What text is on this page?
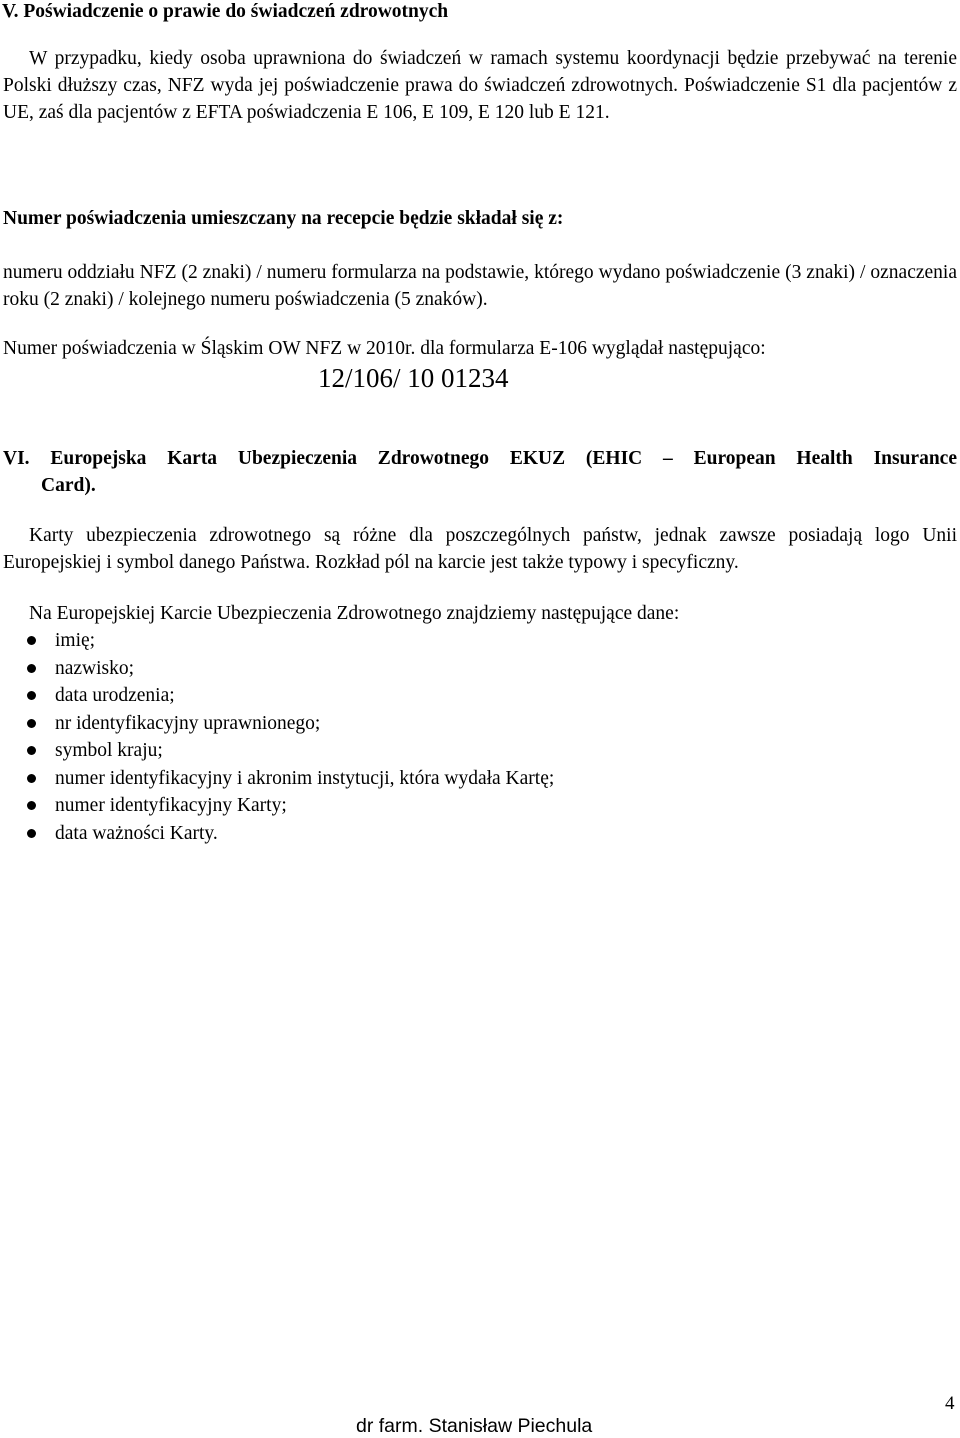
V. Poświadczenie o prawie do świadczeń zdrowotnych

W przypadku, kiedy osoba uprawniona do świadczeń w ramach systemu koordynacji będzie przebywać na terenie Polski dłuższy czas, NFZ wyda jej poświadczenie prawa do świadczeń zdrowotnych. Poświadczenie S1 dla pacjentów z UE, zaś dla pacjentów z EFTA poświadczenia E 106, E 109, E 120 lub E 121.

Numer poświadczenia umieszczany na recepcie będzie składał się z:

numeru oddziału NFZ (2 znaki) / numeru formularza na podstawie, którego wydano poświadczenie (3 znaki) / oznaczenia roku (2 znaki) / kolejnego numeru poświadczenia (5 znaków).

Numer poświadczenia w Śląskim OW NFZ w 2010r. dla formularza E-106 wyglądał następująco:

12/106/ 10 01234
VI. Europejska Karta Ubezpieczenia Zdrowotnego EKUZ (EHIC – European Health Insurance
Card).

Karty ubezpieczenia zdrowotnego są różne dla poszczególnych państw, jednak zawsze posiadają logo Unii Europejskiej i symbol danego Państwa. Rozkład pól na karcie jest także typowy i specyficzny.

Na Europejskiej Karcie Ubezpieczenia Zdrowotnego znajdziemy następujące dane:

imię;
nazwisko;
data urodzenia;
nr identyfikacyjny uprawnionego;
symbol kraju;
numer identyfikacyjny i akronim instytucji, która wydała Kartę;
numer identyfikacyjny Karty;
data ważności Karty.
4
dr farm. Stanisław Piechula
